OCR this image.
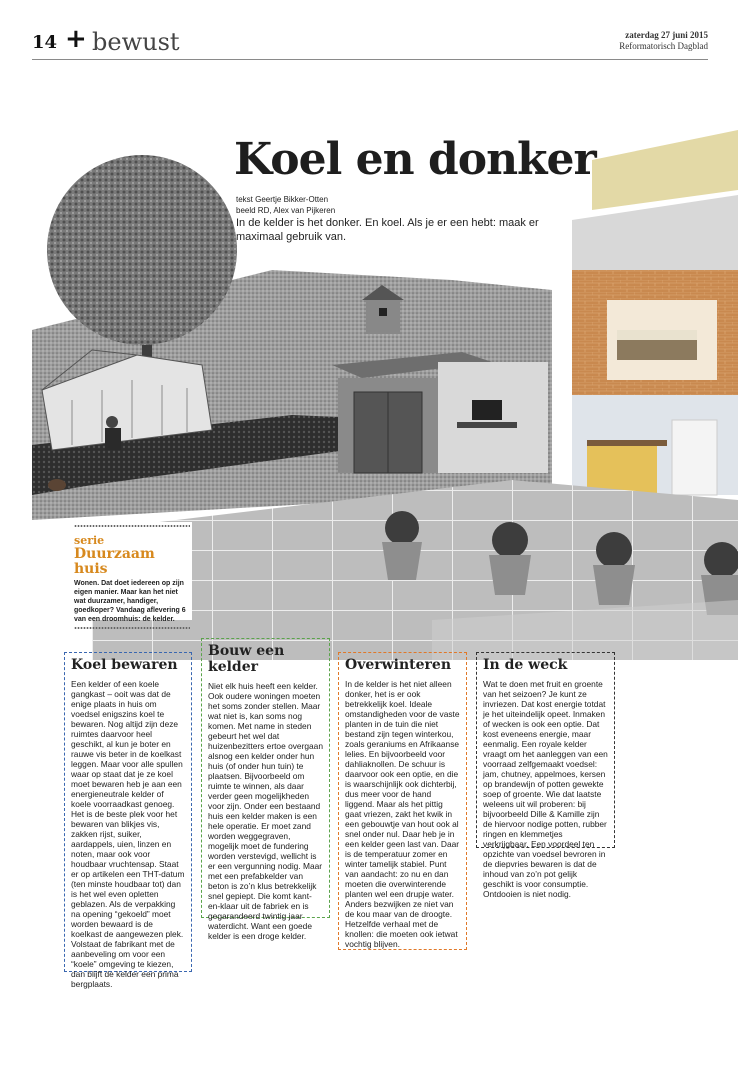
14 + bewust	zaterdag 27 juni 2015
Reformatorisch Dagblad
Koel en donker
tekst Geertje Bikker-Otten
beeld RD, Alex van Pijkeren

In de kelder is het donker. En koel. Als je er een hebt: maak er maximaal gebruik van.

serie
Duurzaam huis
Wonen. Dat doet iedereen op zijn eigen manier. Maar kan het niet wat duurzamer, handiger, goedkoper? Vandaag aflevering 6 van een droomhuis: de kelder.
Koel bewaren

Een kelder of een koele gangkast – ooit was dat de enige plaats in huis om voedsel enigszins koel te bewaren. Nog altijd zijn deze ruimtes daarvoor heel geschikt, al kun je boter en rauwe vis beter in de koelkast leggen. Maar voor alle spullen waar op staat dat je ze koel moet bewaren heb je aan een energieneutrale kelder of koele voorraadkast genoeg. Het is de beste plek voor het bewaren van blikjes vis, zakken rijst, suiker, aardappels, uien, linzen en noten, maar ook voor houdbaar vruchtensap. Staat er op artikelen een THT-datum (ten minste houdbaar tot) dan is het wel even opletten geblazen. Als de verpakking na opening “gekoeld” moet worden bewaard is de koelkast de aangewezen plek. Volstaat de fabrikant met de aanbeveling om voor een “koele” omgeving te kiezen, dan blijft de kelder een prima bergplaats.

Bouw een kelder

Niet elk huis heeft een kelder. Ook oudere woningen moeten het soms zonder stellen. Maar wat niet is, kan soms nog komen. Met name in steden gebeurt het wel dat huizenbezitters ertoe overgaan alsnog een kelder onder hun huis (of onder hun tuin) te plaatsen. Bijvoorbeeld om ruimte te winnen, als daar verder geen mogelijkheden voor zijn. Onder een bestaand huis een kelder maken is een hele operatie. Er moet zand worden weggegraven, mogelijk moet de fundering worden verstevigd, wellicht is er een vergunning nodig. Maar met een prefabkelder van beton is zo’n klus betrekkelijk snel gepiept. Die komt kant-en-klaar uit de fabriek en is gegarandeerd twintig jaar waterdicht. Want een goede kelder is een droge kelder.

Overwinteren

In de kelder is het niet alleen donker, het is er ook betrekkelijk koel. Ideale omstandigheden voor de vaste planten in de tuin die niet bestand zijn tegen winterkou, zoals geraniums en Afrikaanse lelies. En bijvoorbeeld voor dahliaknollen. De schuur is daarvoor ook een optie, en die is waarschijnlijk ook dichterbij, dus meer voor de hand liggend. Maar als het pittig gaat vriezen, zakt het kwik in een gebouwtje van hout ook al snel onder nul. Daar heb je in een kelder geen last van. Daar is de temperatuur zomer en winter tamelijk stabiel. Punt van aandacht: zo nu en dan moeten die overwinterende planten wel een drupje water. Anders bezwijken ze niet van de kou maar van de droogte. Hetzelfde verhaal met de knollen: die moeten ook ietwat vochtig blijven.

In de weck

Wat te doen met fruit en groente van het seizoen? Je kunt ze invriezen. Dat kost energie totdat je het uiteindelijk opeet. Inmaken of wecken is ook een optie. Dat kost eveneens energie, maar eenmalig. Een royale kelder vraagt om het aanleggen van een voorraad zelfgemaakt voedsel: jam, chutney, appelmoes, kersen op brandewijn of potten gewekte soep of groente. Wie dat laatste weleens uit wil proberen: bij bijvoorbeeld Dille & Kamille zijn de hiervoor nodige potten, rubber ringen en klemmetjes verkrijgbaar. Een voordeel ten opzichte van voedsel bevroren in de diepvries bewaren is dat de inhoud van zo’n pot gelijk geschikt is voor consumptie. Ontdooien is niet nodig.
